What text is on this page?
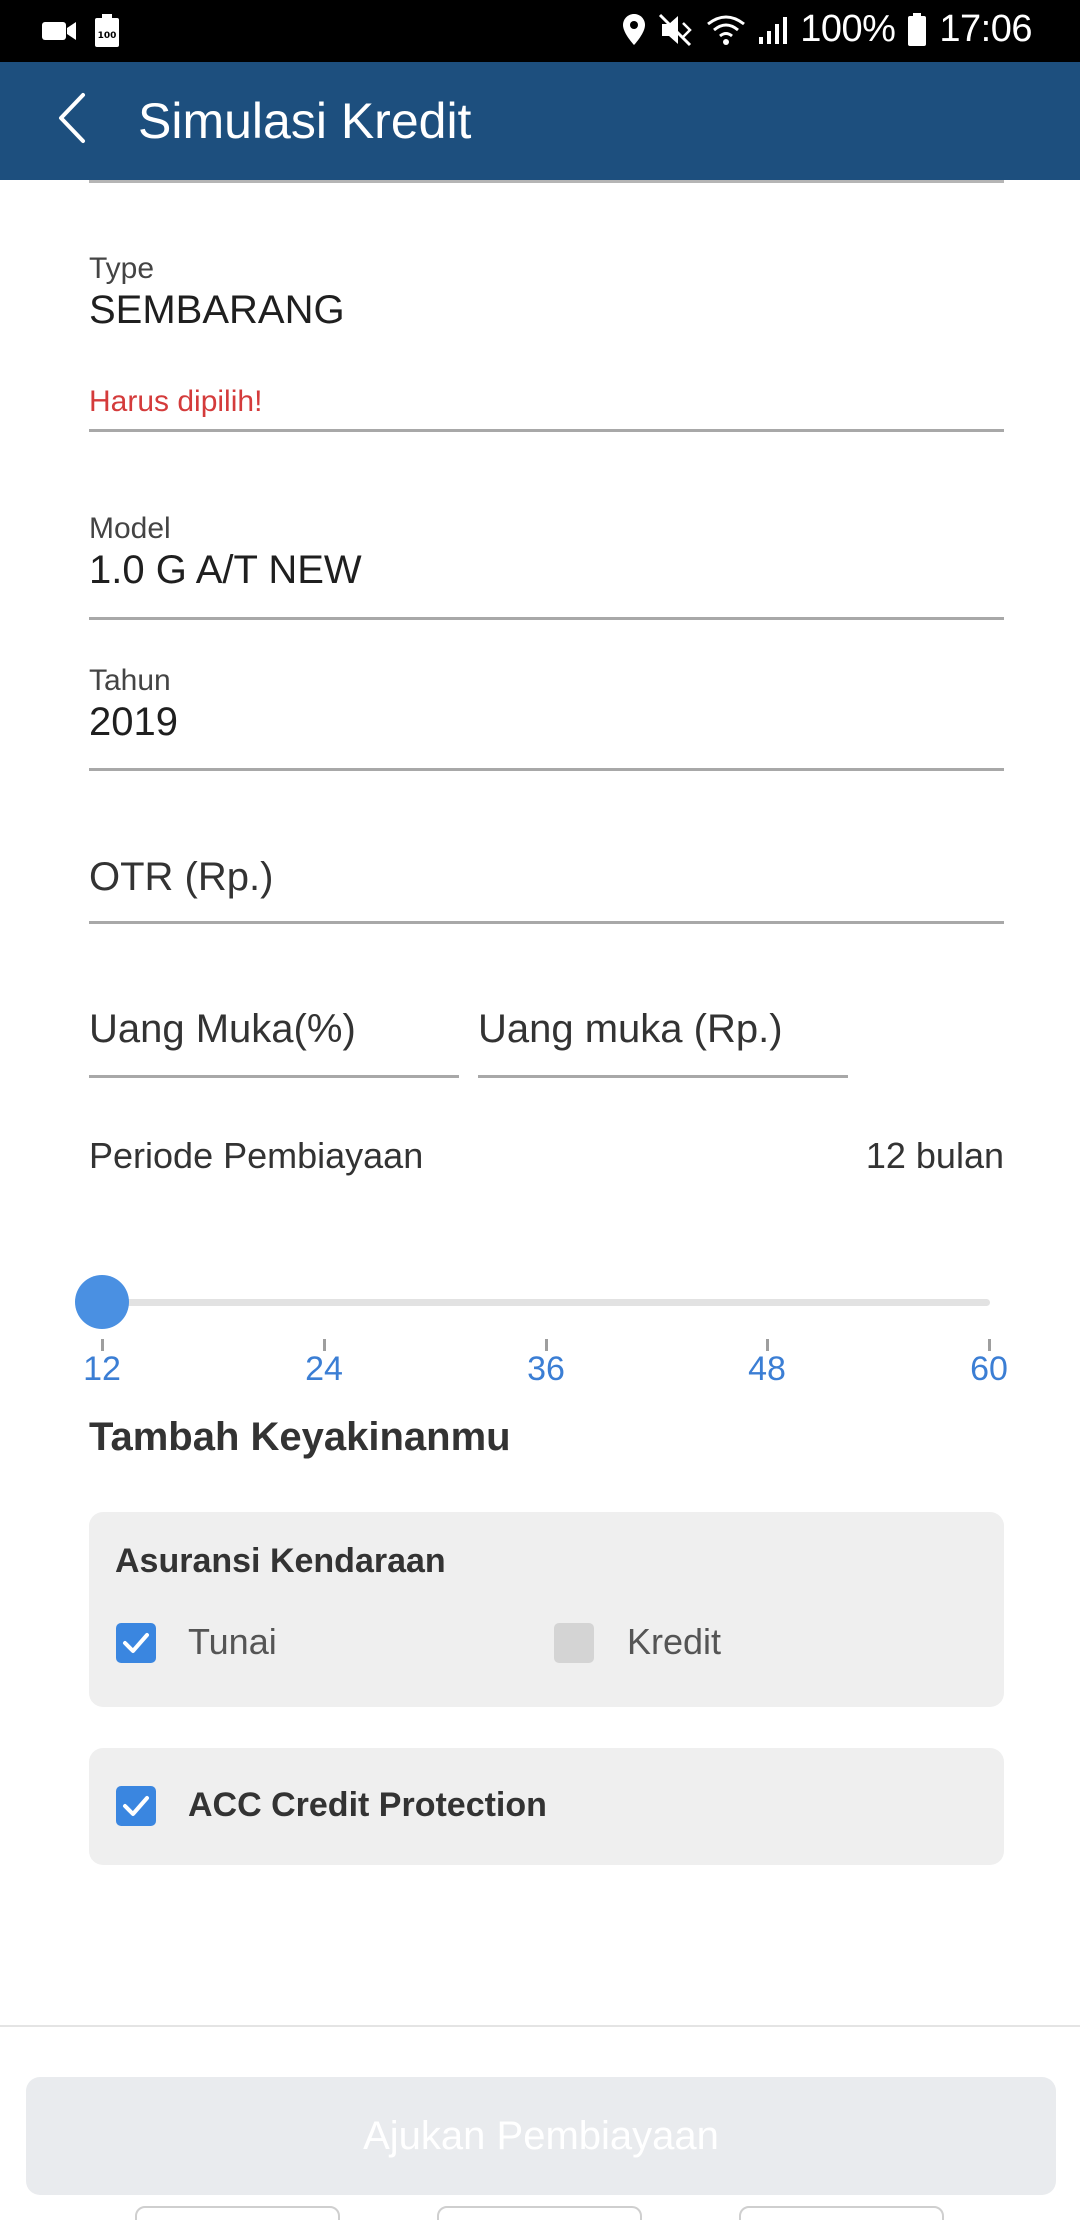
100	100% 17:06
Simulasi Kredit
Type
SEMBARANG
Harus dipilih!
Model
1.0 G A/T NEW
Tahun
2019
OTR (Rp.)
Uang Muka(%)	Uang muka (Rp.)
Periode Pembiayaan	12 bulan
12	24	36	48	60
Tambah Keyakinanmu
Asuransi Kendaraan
Tunai	Kredit
ACC Credit Protection
Ajukan Pembiayaan
